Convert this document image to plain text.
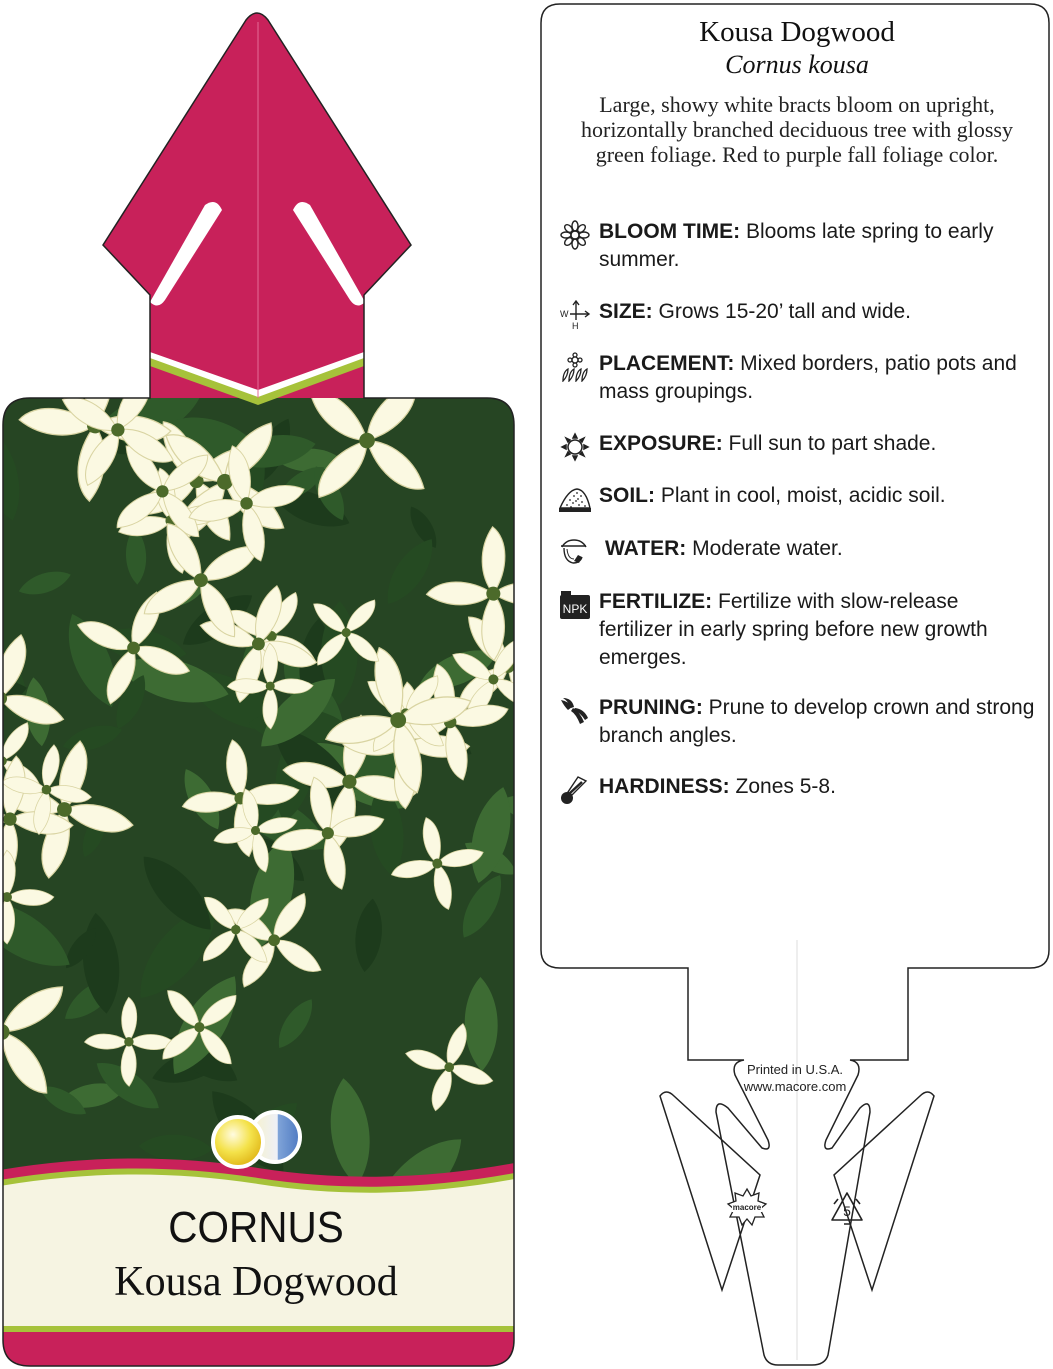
CORNUS
Kousa Dogwood
Kousa Dogwood
Cornus kousa
Large, showy white bracts bloom on upright, horizontally branched deciduous tree with glossy green foliage. Red to purple fall foliage color.
BLOOM TIME: Blooms late spring to early summer.
W
H
SIZE: Grows 15-20’ tall and wide.
PLACEMENT: Mixed borders, patio pots and mass groupings.
EXPOSURE: Full sun to part shade.
SOIL: Plant in cool, moist, acidic soil.
WATER: Moderate water.
NPK FERTILIZE: Fertilize with slow-release fertilizer in early spring before new growth emerges.
PRUNING: Prune to develop crown and strong branch angles.
HARDINESS: Zones 5-8.
Printed in U.S.A.
www.macore.com
macore	5
